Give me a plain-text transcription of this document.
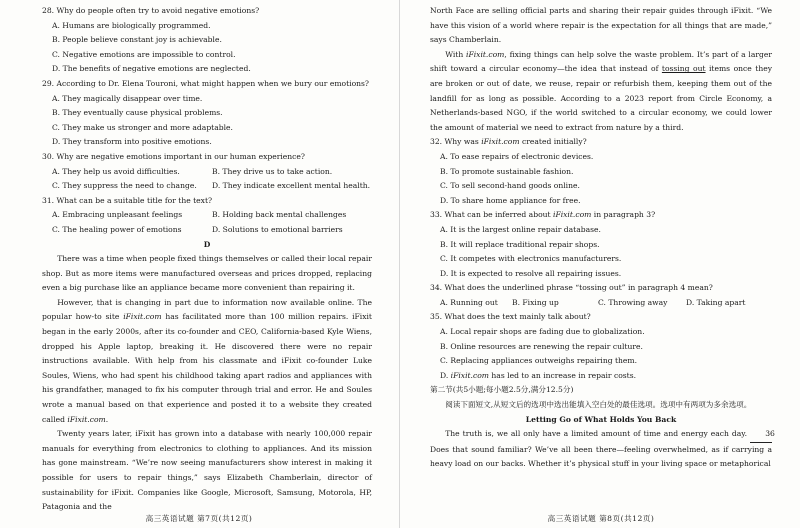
28. Why do people often try to avoid negative emotions?
A. Humans are biologically programmed.
B. People believe constant joy is achievable.
C. Negative emotions are impossible to control.
D. The benefits of negative emotions are neglected.
29. According to Dr. Elena Touroni, what might happen when we bury our emotions?
A. They magically disappear over time.
B. They eventually cause physical problems.
C. They make us stronger and more adaptable.
D. They transform into positive emotions.
30. Why are negative emotions important in our human experience?
A. They help us avoid difficulties.	B. They drive us to take action.
C. They suppress the need to change.	D. They indicate excellent mental health.
31. What can be a suitable title for the text?
A. Embracing unpleasant feelings	B. Holding back mental challenges
C. The healing power of emotions	D. Solutions to emotional barriers
D

There was a time when people fixed things themselves or called their local repair shop. But as more items were manufactured overseas and prices dropped, replacing even a big purchase like an appliance became more convenient than repairing it.

However, that is changing in part due to information now available online. The popular how-to site iFixit.com has facilitated more than 100 million repairs. iFixit began in the early 2000s, after its co-founder and CEO, California-based Kyle Wiens, dropped his Apple laptop, breaking it. He discovered there were no repair instructions available. With help from his classmate and iFixit co-founder Luke Soules, Wiens, who had spent his childhood taking apart radios and appliances with his grandfather, managed to fix his computer through trial and error. He and Soules wrote a manual based on that experience and posted it to a website they created called iFixit.com.

Twenty years later, iFixit has grown into a database with nearly 100,000 repair manuals for everything from electronics to clothing to appliances. And its mission has gone mainstream. “We’re now seeing manufacturers show interest in making it possible for users to repair things,” says Elizabeth Chamberlain, director of sustainability for iFixit. Companies like Google, Microsoft, Samsung, Motorola, HP, Patagonia and the

高三英语试题 第7页(共12页)

North Face are selling official parts and sharing their repair guides through iFixit. “We have this vision of a world where repair is the expectation for all things that are made,” says Chamberlain.

With iFixit.com, fixing things can help solve the waste problem. It’s part of a larger shift toward a circular economy—the idea that instead of tossing out items once they are broken or out of date, we reuse, repair or refurbish them, keeping them out of the landfill for as long as possible. According to a 2023 report from Circle Economy, a Netherlands-based NGO, if the world switched to a circular economy, we could lower the amount of material we need to extract from nature by a third.

32. Why was iFixit.com created initially?
A. To ease repairs of electronic devices.
B. To promote sustainable fashion.
C. To sell second-hand goods online.
D. To share home appliance for free.
33. What can be inferred about iFixit.com in paragraph 3?
A. It is the largest online repair database.
B. It will replace traditional repair shops.
C. It competes with electronics manufacturers.
D. It is expected to resolve all repairing issues.
34. What does the underlined phrase “tossing out” in paragraph 4 mean?
A. Running out	B. Fixing up	C. Throwing away	D. Taking apart
35. What does the text mainly talk about?
A. Local repair shops are fading due to globalization.
B. Online resources are renewing the repair culture.
C. Replacing appliances outweighs repairing them.
D. iFixit.com has led to an increase in repair costs.
第二节(共5小题;每小题2.5分,满分12.5分)

阅读下面短文,从短文后的选项中选出能填入空白处的最佳选项。选项中有两项为多余选项。

Letting Go of What Holds You Back

The truth is, we all only have a limited amount of time and energy each day. 36 Does that sound familiar? We’ve all been there—feeling overwhelmed, as if carrying a heavy load on our backs. Whether it’s physical stuff in your living space or metaphorical

高三英语试题 第8页(共12页)
